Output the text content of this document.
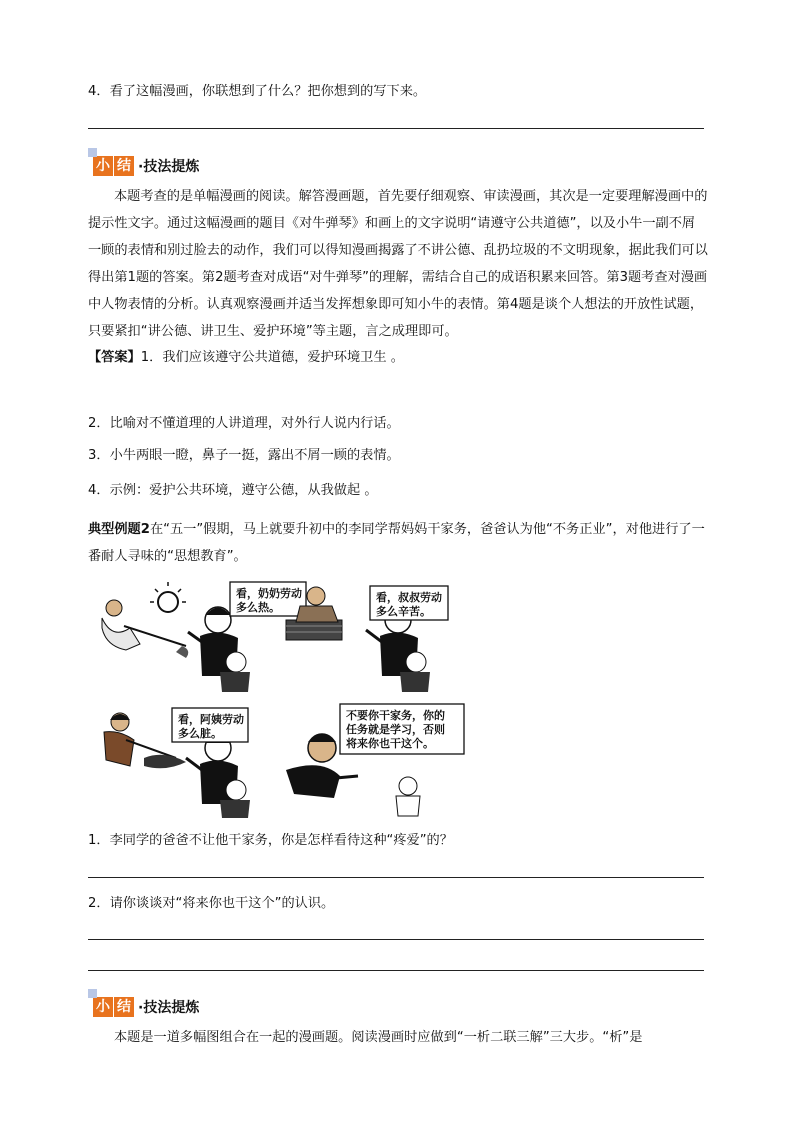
4．看了这幅漫画，你联想到了什么？把你想到的写下来。
小 结 ·技法提炼
本题考查的是单幅漫画的阅读。解答漫画题，首先要仔细观察、审读漫画，其次是一定要理解漫画中的提示性文字。通过这幅漫画的题目《对牛弹琴》和画上的文字说明“请遵守公共道德”，以及小牛一副不屑一顾的表情和别过脸去的动作，我们可以得知漫画揭露了不讲公德、乱扔垃圾的不文明现象，据此我们可以得出第1题的答案。第2题考查对成语“对牛弹琴”的理解，需结合自己的成语积累来回答。第3题考查对漫画中人物表情的分析。认真观察漫画并适当发挥想象即可知小牛的表情。第4题是谈个人想法的开放性试题，只要紧扣“讲公德、讲卫生、爱护环境”等主题，言之成理即可。
【答案】1．我们应该遵守公共道德，爱护环境卫生 。
2．比喻对不懂道理的人讲道理，对外行人说内行话。
3．小牛两眼一瞪，鼻子一挺，露出不屑一顾的表情。
4．示例：爱护公共环境，遵守公德，从我做起 。
典型例题2在“五一”假期，马上就要升初中的李同学帮妈妈干家务，爸爸认为他“不务正业”，对他进行了一番耐人寻味的“思想教育”。
看，奶奶劳动
多么热。
看，叔叔劳动
多么辛苦。
看，阿姨劳动
多么脏。
不要你干家务，你的
任务就是学习，否则
将来你也干这个。
1．李同学的爸爸不让他干家务，你是怎样看待这种“疼爱”的？
2．请你谈谈对“将来你也干这个”的认识。
小 结 ·技法提炼
本题是一道多幅图组合在一起的漫画题。阅读漫画时应做到“一析二联三解”三大步。“析”是
